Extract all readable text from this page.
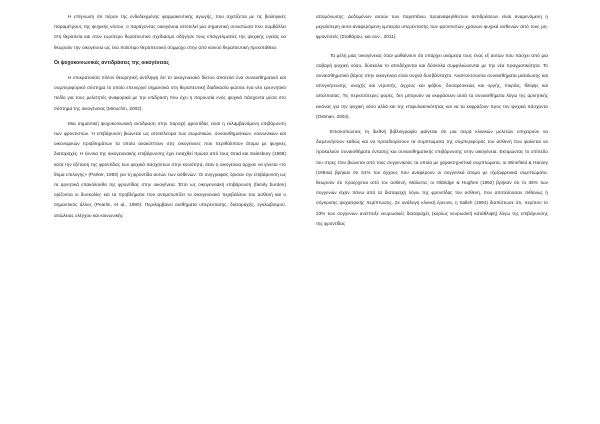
Η επίγνωση ότι πέραν της ενδεδειγμένης φαρμακευτικής αγωγής, που σχετίζεται με τις βιολογικές παραμέτρους της ψυχικής νόσου, ο παράγοντας οικογένεια αποτελεί μια σημαντική συνιστώσα που συμβάλλει στη θεραπεία και στον ευρύτερο θεραπευτικό σχεδιασμό οδήγησε τους επαγγελματίες της ψυχικής υγείας να θεωρούν την οικογένεια ως ένα πολύτιμο θεραπευτικό σύμμαχο στην από κοινού θεραπευτική προσπάθεια.

Οι ψυχοκοινωνικές αντιδράσεις της οικογένειας

Η επικρατούσα πλέον θεωρητική αντίληψη ότι το οικογενειακό δίκτυο αποτελεί ένα συναισθηματικό και συμπεριφορικό σύστημα το οποίο επενεργεί σημαντικά στη θεραπευτική διαδικασία φώτισε ένα νέο ερευνητικό πεδίο για τους μελετητές αναφορικά με την επίδραση που έχει η παρουσία ενός ψυχικά πάσχοντα μέσα στο σύστημα της οικογένειας (Minuchin, 2002).

Μια σημαντική ψυχοκοινωνική αντίδραση στην παροχή φροντίδας είναι η εκλαμβανόμενη επιβάρυνση των φροντιστών. Η επιβάρυνση βιώνεται ως αποτέλεσμα των σωματικών, συναισθηματικών, κοινωνικών και οικονομικών προβλημάτων τα οποία ανακύπτουν στις οικογένειες που περιθάλπουν άτομα με ψυχικές διαταραχές. Η έννοια της οικογενειακής επιβάρυνσης έχει εισαχθεί πρώτα από τους Grad και Sainsbury (1968) κατά την εξέταση της φροντίδας των ψυχικά πασχόντων στην κοινότητα, όταν η οικογένεια άρχισε να γίνεται «το θύμα επιλογής» (Parker, 1993) για τη φροντίδα αυτών των ασθενών. Οι συγγραφείς όρισαν την επιβάρυνση ως τα αρνητικά επακόλουθα της φροντίδας στην οικογένεια. Έτσι ως οικογενειακή επιβάρυνση (family burden) ορίζονται οι δυσκολίες και τα προβλήματα που αντιμετωπίζει το οικογενειακό περιβάλλον του ασθενή και ο σημαντικός άλλος (Pearlin, et al., 1990). Περιλαμβάνει αισθήματα υπερέντασης, διαταραχής, εγκλωβισμού, απώλειας ελέγχου και κοινωνικής

απομόνωσης. Δεδομένων αυτών των παραπάνω προαναφερθέντων αντιδράσεων είναι αναμενόμενη η μεγαλύτερη αυτο-αναφερόμενη εμπειρία υπερέντασης των φροντιστών χρόνιων ψυχικά ασθενών από τους μη-φροντιστές (Σταθάρου, και συν., 2011).

Τα μέλη μιας οικογένειας όταν μαθαίνουν ότι υπάρχει ανάμεσα τους ένας εξ αυτών που πάσχει από μια σοβαρή ψυχική νόσο, δύσκολα το αποδέχονται και δύσκολα συμφιλιώνονται με την νέα πραγματικότητα. Το συναισθηματικό βάρος στην οικογένεια είναι συχνά δυσβάσταχτο. Αναπτύσσονται συναισθήματα ματαίωσης και απογοήτευσης, ανοχής και ντροπής, άγχους και φόβου, δυσαρέσκειας και οργής, πικρίας, θλίψης και απελπισίας. Τις περισσότερες φορές, δεν μπορούν να εκφράσουν αυτά τα συναισθήματα λόγω της αρνητικής εικόνας για την ψυχική νόσο αλλά και της επιφυλακτικότητας και να τα εκφράζουν προς τον ψυχικά πάσχοντα (Ostman, 2004).

Επισκοπώντας τη διεθνή βιβλιογραφία φαίνεται ότι μια σειρά κλινικών μελετών επιχειρούν να διερευνήσουν καθώς και να προσδιορίσουν τα συμπτώματα της συμπεριφοράς του ασθενή που φαίνεται να προκαλούν συναισθήματα έντασης και συναισθηματικής επιβάρυνσης στην οικογένεια. Εκτιμώντας το επίπεδο του στρες που βιώνεται από τους συγγενικούς τα οποία με χαρακτηριστικά συμπτώματα, οι Winefield & Harvey (1994a) βρήκαν ότι 51% του άγχους που αναφέρουν οι συγγενικά άτομα με σχιζοφρενικά συμπτώματα, θεωρούν ότι προέρχεται από τον ασθενή. Μάλιστα, οι Oldridge & Hughes (1992) βρήκαν ότι το 36% των συγγενών είχαν πάνω από τα διαταραχή λόγω της φροντίδας του ασθενή, που αποτελούσαν πιθανώς ή σύγκρισης ψυχιατρικής περίπτωσης. Σε ανάλογη κλινική έρευνα, η Salleh (1994) διαπίστωσε ότι, περίπου το 23% των συγγενών ανέπτυξε νευρωσικές διαταραχές (κυρίως νευρωσική κατάθλιψη) λόγω της επιβάρυνσης της φροντίδας
